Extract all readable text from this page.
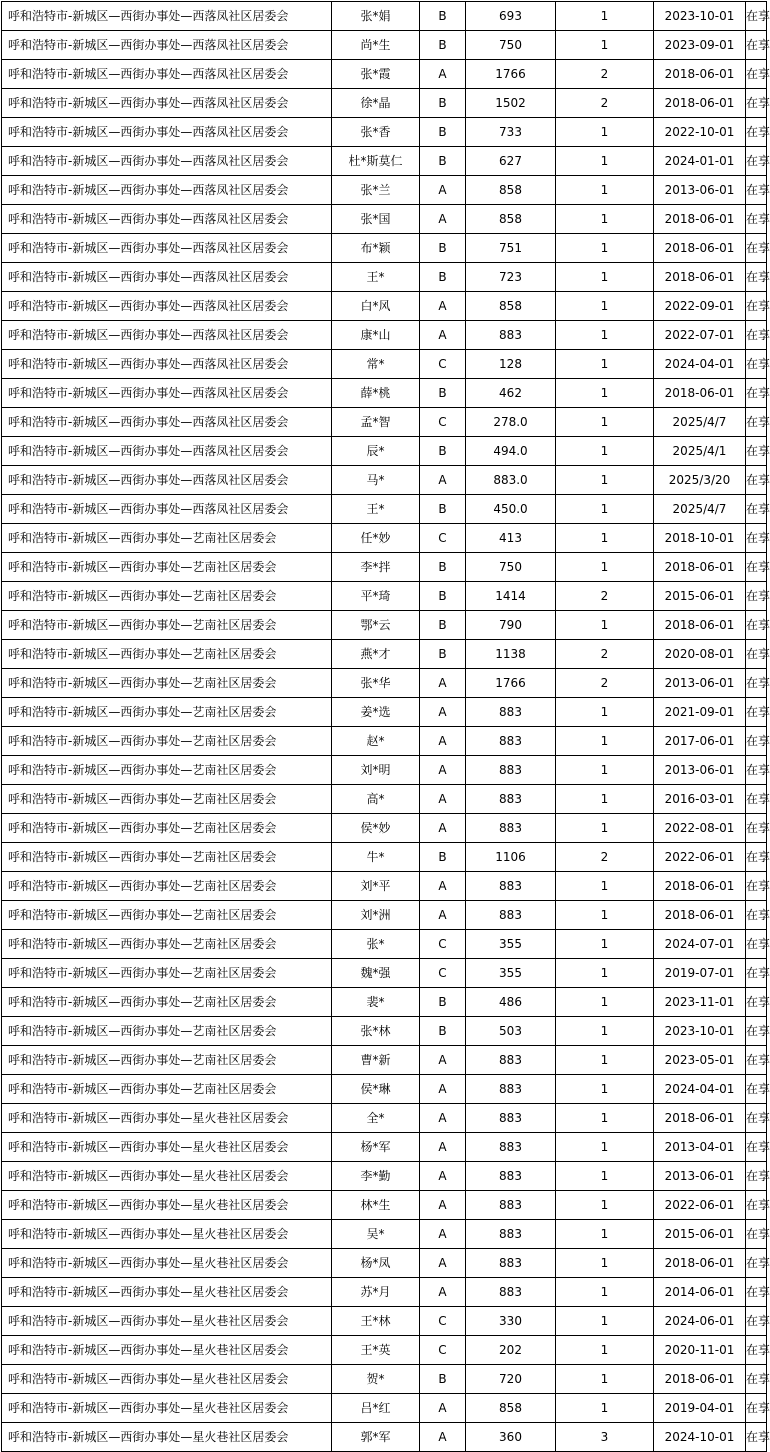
呼和浩特市-新城区—西街办事处—西落凤社区居委会	张*娟	B	693	1	2023-10-01	在享
呼和浩特市-新城区—西街办事处—西落凤社区居委会	尚*生	B	750	1	2023-09-01	在享
呼和浩特市-新城区—西街办事处—西落凤社区居委会	张*霞	A	1766	2	2018-06-01	在享
呼和浩特市-新城区—西街办事处—西落凤社区居委会	徐*晶	B	1502	2	2018-06-01	在享
呼和浩特市-新城区—西街办事处—西落凤社区居委会	张*香	B	733	1	2022-10-01	在享
呼和浩特市-新城区—西街办事处—西落凤社区居委会	杜*斯莫仁	B	627	1	2024-01-01	在享
呼和浩特市-新城区—西街办事处—西落凤社区居委会	张*兰	A	858	1	2013-06-01	在享
呼和浩特市-新城区—西街办事处—西落凤社区居委会	张*国	A	858	1	2018-06-01	在享
呼和浩特市-新城区—西街办事处—西落凤社区居委会	布*颖	B	751	1	2018-06-01	在享
呼和浩特市-新城区—西街办事处—西落凤社区居委会	王*	B	723	1	2018-06-01	在享
呼和浩特市-新城区—西街办事处—西落凤社区居委会	白*风	A	858	1	2022-09-01	在享
呼和浩特市-新城区—西街办事处—西落凤社区居委会	康*山	A	883	1	2022-07-01	在享
呼和浩特市-新城区—西街办事处—西落凤社区居委会	常*	C	128	1	2024-04-01	在享
呼和浩特市-新城区—西街办事处—西落凤社区居委会	薛*桃	B	462	1	2018-06-01	在享
呼和浩特市-新城区—西街办事处—西落凤社区居委会	孟*智	C	278.0	1	2025/4/7	在享
呼和浩特市-新城区—西街办事处—西落凤社区居委会	辰*	B	494.0	1	2025/4/1	在享
呼和浩特市-新城区—西街办事处—西落凤社区居委会	马*	A	883.0	1	2025/3/20	在享
呼和浩特市-新城区—西街办事处—西落凤社区居委会	王*	B	450.0	1	2025/4/7	在享
呼和浩特市-新城区—西街办事处—艺南社区居委会	任*妙	C	413	1	2018-10-01	在享
呼和浩特市-新城区—西街办事处—艺南社区居委会	李*拌	B	750	1	2018-06-01	在享
呼和浩特市-新城区—西街办事处—艺南社区居委会	平*琦	B	1414	2	2015-06-01	在享
呼和浩特市-新城区—西街办事处—艺南社区居委会	鄂*云	B	790	1	2018-06-01	在享
呼和浩特市-新城区—西街办事处—艺南社区居委会	燕*才	B	1138	2	2020-08-01	在享
呼和浩特市-新城区—西街办事处—艺南社区居委会	张*华	A	1766	2	2013-06-01	在享
呼和浩特市-新城区—西街办事处—艺南社区居委会	姜*选	A	883	1	2021-09-01	在享
呼和浩特市-新城区—西街办事处—艺南社区居委会	赵*	A	883	1	2017-06-01	在享
呼和浩特市-新城区—西街办事处—艺南社区居委会	刘*明	A	883	1	2013-06-01	在享
呼和浩特市-新城区—西街办事处—艺南社区居委会	高*	A	883	1	2016-03-01	在享
呼和浩特市-新城区—西街办事处—艺南社区居委会	侯*妙	A	883	1	2022-08-01	在享
呼和浩特市-新城区—西街办事处—艺南社区居委会	牛*	B	1106	2	2022-06-01	在享
呼和浩特市-新城区—西街办事处—艺南社区居委会	刘*平	A	883	1	2018-06-01	在享
呼和浩特市-新城区—西街办事处—艺南社区居委会	刘*洲	A	883	1	2018-06-01	在享
呼和浩特市-新城区—西街办事处—艺南社区居委会	张*	C	355	1	2024-07-01	在享
呼和浩特市-新城区—西街办事处—艺南社区居委会	魏*强	C	355	1	2019-07-01	在享
呼和浩特市-新城区—西街办事处—艺南社区居委会	裴*	B	486	1	2023-11-01	在享
呼和浩特市-新城区—西街办事处—艺南社区居委会	张*林	B	503	1	2023-10-01	在享
呼和浩特市-新城区—西街办事处—艺南社区居委会	曹*新	A	883	1	2023-05-01	在享
呼和浩特市-新城区—西街办事处—艺南社区居委会	侯*琳	A	883	1	2024-04-01	在享
呼和浩特市-新城区—西街办事处—星火巷社区居委会	全*	A	883	1	2018-06-01	在享
呼和浩特市-新城区—西街办事处—星火巷社区居委会	杨*军	A	883	1	2013-04-01	在享
呼和浩特市-新城区—西街办事处—星火巷社区居委会	李*勤	A	883	1	2013-06-01	在享
呼和浩特市-新城区—西街办事处—星火巷社区居委会	林*生	A	883	1	2022-06-01	在享
呼和浩特市-新城区—西街办事处—星火巷社区居委会	吴*	A	883	1	2015-06-01	在享
呼和浩特市-新城区—西街办事处—星火巷社区居委会	杨*凤	A	883	1	2018-06-01	在享
呼和浩特市-新城区—西街办事处—星火巷社区居委会	苏*月	A	883	1	2014-06-01	在享
呼和浩特市-新城区—西街办事处—星火巷社区居委会	王*林	C	330	1	2024-06-01	在享
呼和浩特市-新城区—西街办事处—星火巷社区居委会	王*英	C	202	1	2020-11-01	在享
呼和浩特市-新城区—西街办事处—星火巷社区居委会	贺*	B	720	1	2018-06-01	在享
呼和浩特市-新城区—西街办事处—星火巷社区居委会	吕*红	A	858	1	2019-04-01	在享
呼和浩特市-新城区—西街办事处—星火巷社区居委会	郭*军	A	360	3	2024-10-01	在享
